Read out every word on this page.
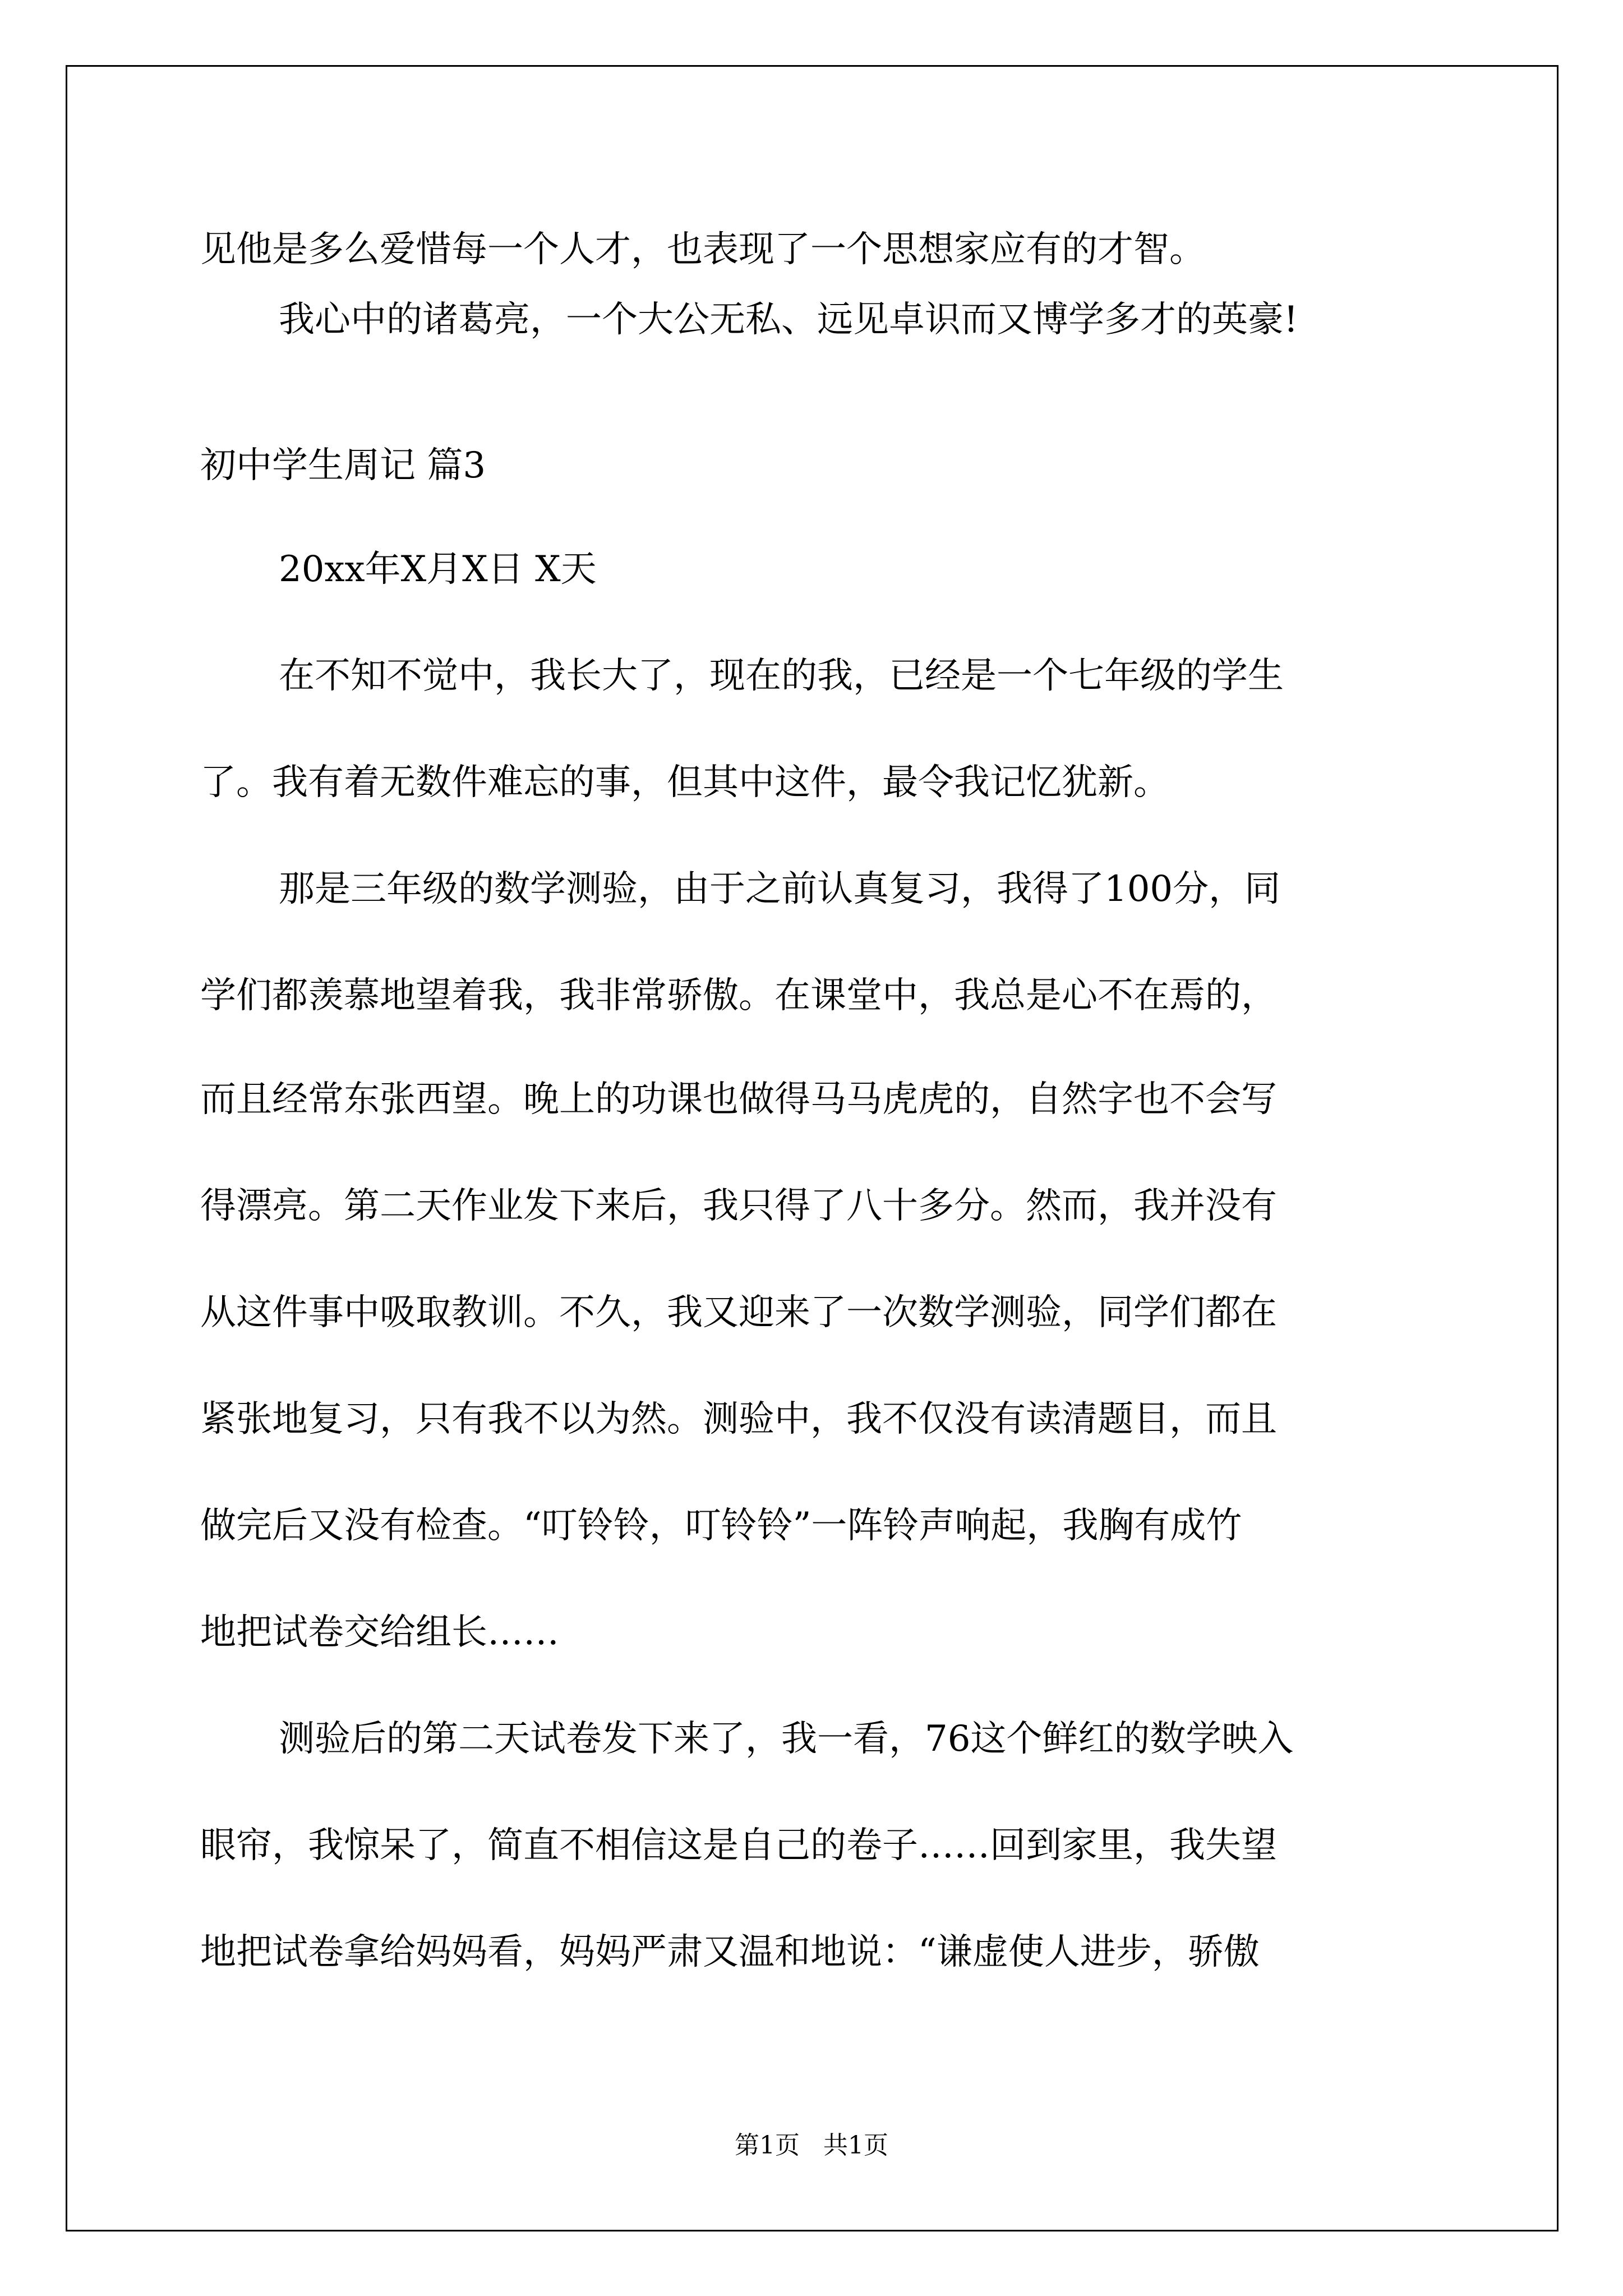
见他是多么爱惜每一个人才，也表现了一个思想家应有的才智。
我心中的诸葛亮，一个大公无私、远见卓识而又博学多才的英豪!
初中学生周记 篇3
20xx年X月X日 X天
在不知不觉中，我长大了，现在的我，已经是一个七年级的学生
了。我有着无数件难忘的事，但其中这件，最令我记忆犹新。
那是三年级的数学测验，由于之前认真复习，我得了100分，同
学们都羡慕地望着我，我非常骄傲。在课堂中，我总是心不在焉的，
而且经常东张西望。晚上的功课也做得马马虎虎的，自然字也不会写
得漂亮。第二天作业发下来后，我只得了八十多分。然而，我并没有
从这件事中吸取教训。不久，我又迎来了一次数学测验，同学们都在
紧张地复习，只有我不以为然。测验中，我不仅没有读清题目，而且
做完后又没有检查。“叮铃铃，叮铃铃”一阵铃声响起，我胸有成竹
地把试卷交给组长……
测验后的第二天试卷发下来了，我一看，76这个鲜红的数学映入
眼帘，我惊呆了，简直不相信这是自己的卷子……回到家里，我失望
地把试卷拿给妈妈看，妈妈严肃又温和地说：“谦虚使人进步，骄傲
第1页   共1页
